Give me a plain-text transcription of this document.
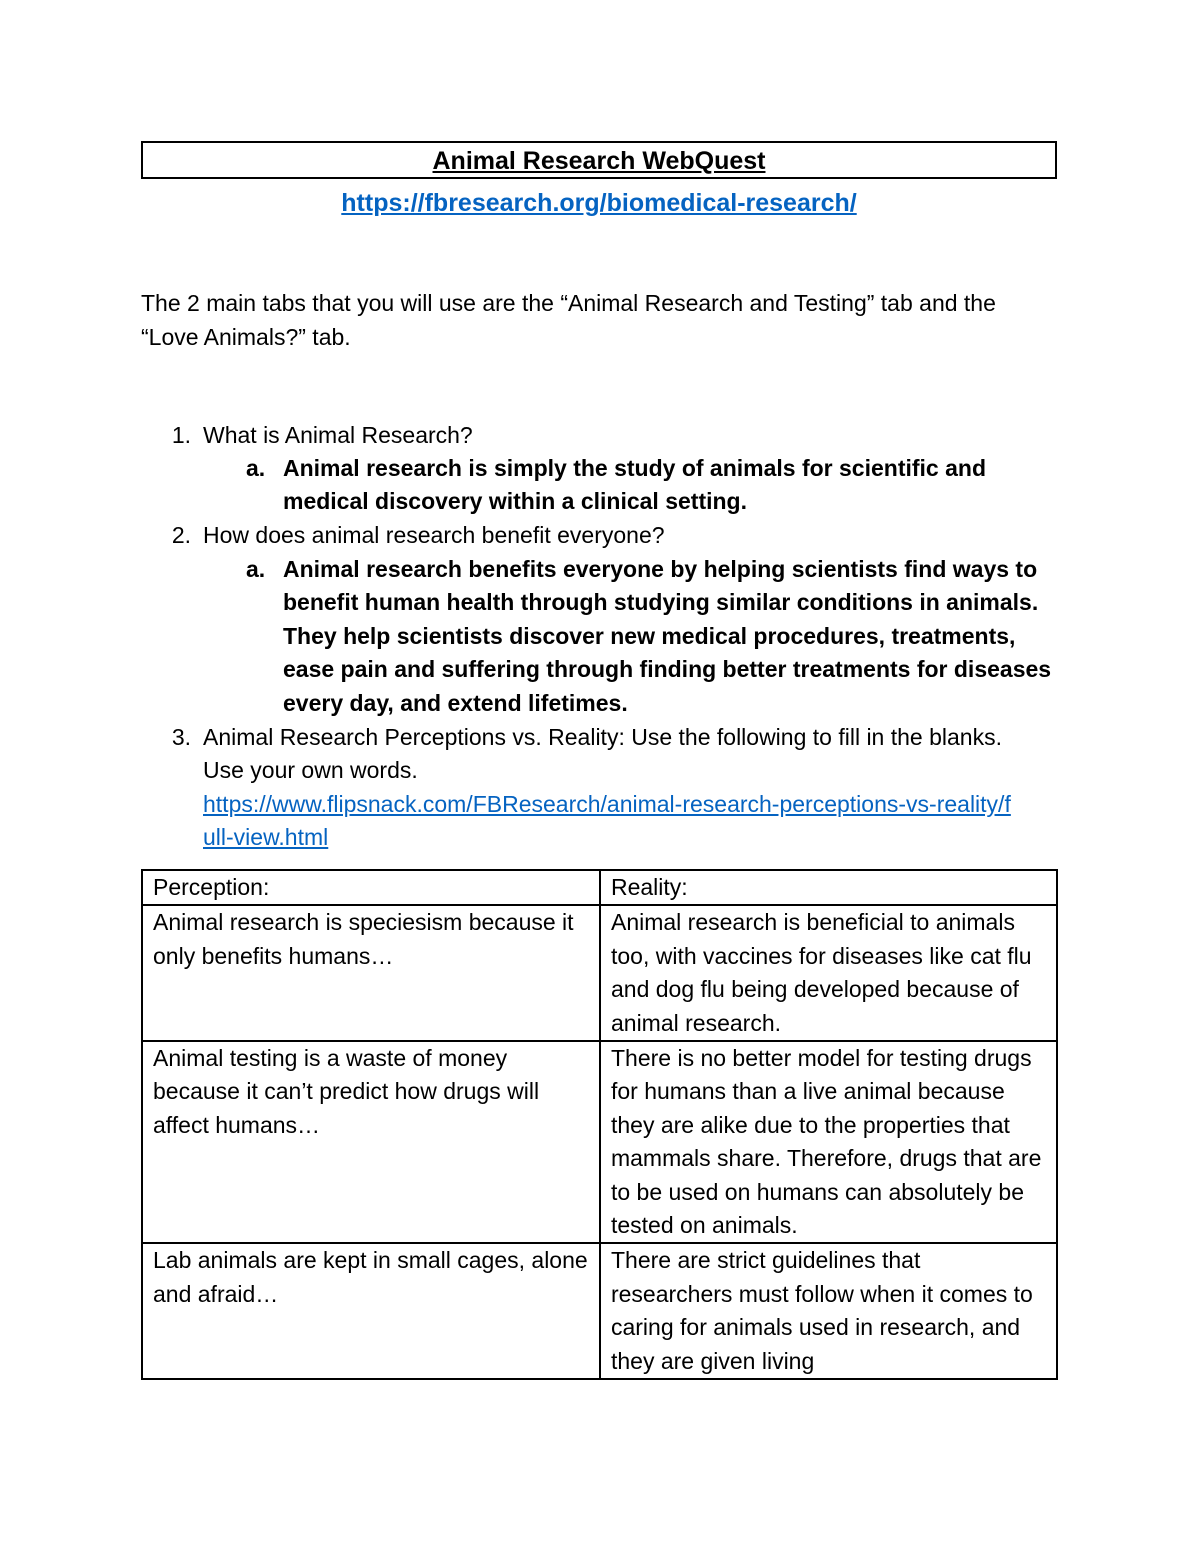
Animal Research WebQuest
https://fbresearch.org/biomedical-research/
The 2 main tabs that you will use are the “Animal Research and Testing” tab and the “Love Animals?” tab.
1. What is Animal Research?
a. Animal research is simply the study of animals for scientific and medical discovery within a clinical setting.
2. How does animal research benefit everyone?
a. Animal research benefits everyone by helping scientists find ways to benefit human health through studying similar conditions in animals. They help scientists discover new medical procedures, treatments, ease pain and suffering through finding better treatments for diseases every day, and extend lifetimes.
3. Animal Research Perceptions vs. Reality: Use the following to fill in the blanks. Use your own words.
https://www.flipsnack.com/FBResearch/animal-research-perceptions-vs-reality/full-view.html
Perception:	Reality:
Animal research is speciesism because it only benefits humans…	Animal research is beneficial to animals too, with vaccines for diseases like cat flu and dog flu being developed because of animal research.
Animal testing is a waste of money because it can’t predict how drugs will affect humans…	There is no better model for testing drugs for humans than a live animal because they are alike due to the properties that mammals share. Therefore, drugs that are to be used on humans can absolutely be tested on animals.
Lab animals are kept in small cages, alone and afraid…	There are strict guidelines that researchers must follow when it comes to caring for animals used in research, and they are given living
